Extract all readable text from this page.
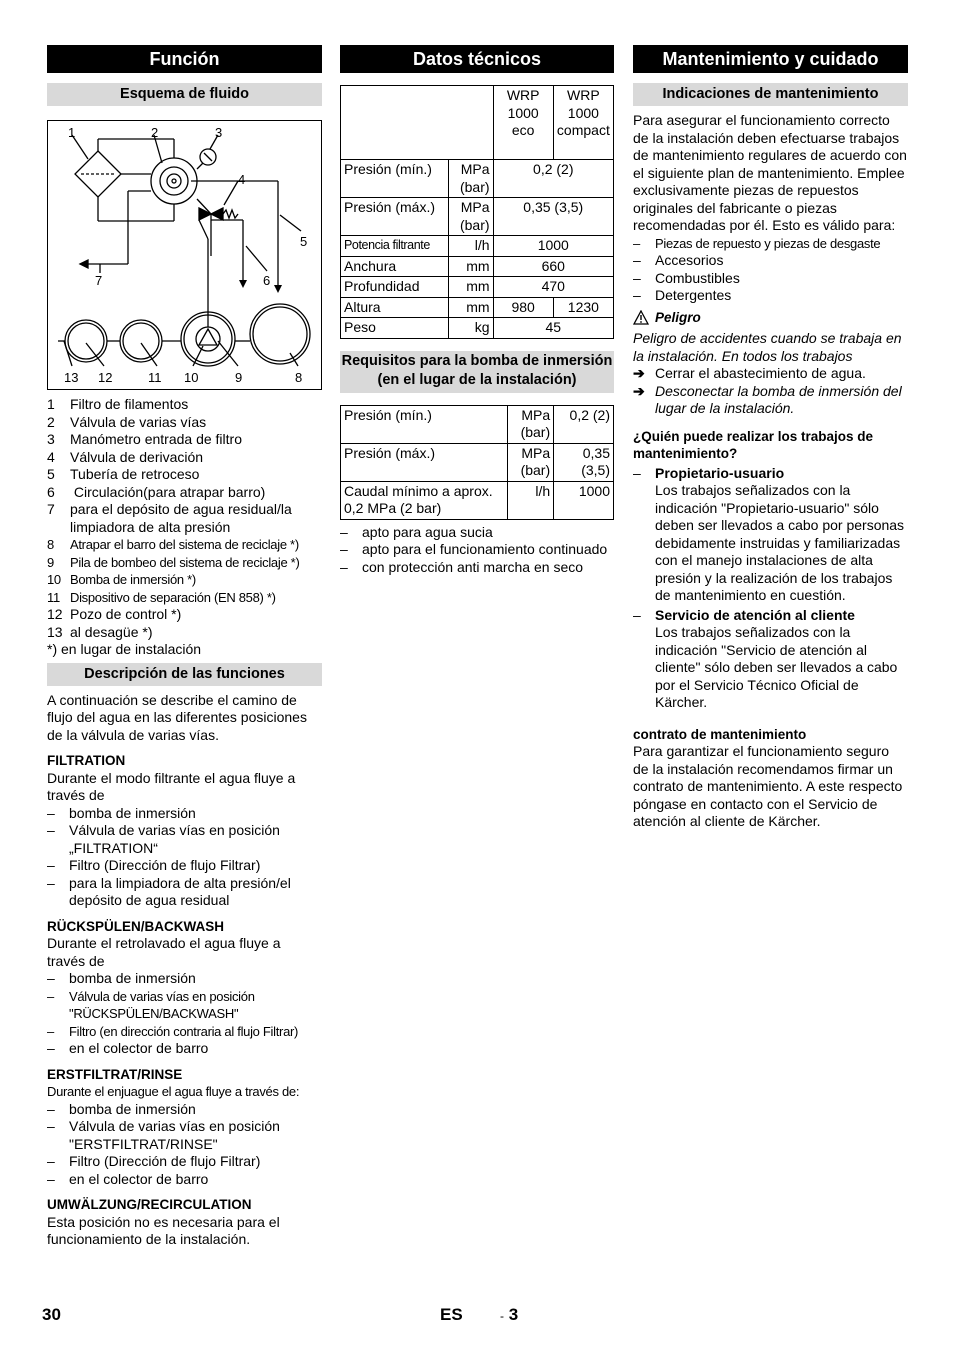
Función
Esquema de fluido
1	2	3
4
5
6
7
8
9
10
11
12
13
1	Filtro de filamentos
2	Válvula de varias vías
3	Manómetro entrada de filtro
4	Válvula de derivación
5	Tubería de retroceso
6	Circulación(para atrapar barro)
7	para el depósito de agua residual/la limpiadora de alta presión
8	Atrapar el barro del sistema de reciclaje *)
9	Pila de bombeo del sistema de reciclaje *)
10 Bomba de inmersión *)
11 Dispositivo de separación (EN 858) *)
12 Pozo de control *)
13 al desagüe *)
*) en lugar de instalación
Descripción de las funciones
A continuación se describe el camino de flujo del agua en las diferentes posiciones de la válvula de varias vías.
FILTRATION
Durante el modo filtrante el agua fluye a través de
–	bomba de inmersión
–	Válvula de varias vías en posición „FILTRATION“
–	Filtro (Dirección de flujo Filtrar)
–	para la limpiadora de alta presión/el depósito de agua residual
RÜCKSPÜLEN/BACKWASH
Durante el retrolavado el agua fluye a través de
–	bomba de inmersión
–	Válvula de varias vías en posición "RÜCKSPÜLEN/BACKWASH"
–	Filtro (en dirección contraria al flujo Filtrar)
–	en el colector de barro
ERSTFILTRAT/RINSE
Durante el enjuague el agua fluye a través de:
–	bomba de inmersión
–	Válvula de varias vías en posición "ERSTFILTRAT/RINSE"
–	Filtro (Dirección de flujo Filtrar)
–	en el colector de barro
UMWÄLZUNG/RECIRCULATION
Esta posición no es necesaria para el funcionamiento de la instalación.
Datos técnicos
		WRP 1000 eco	WRP 1000 compact
Presión (mín.)	MPa (bar)	0,2 (2)	
Presión (máx.)	MPa (bar)	0,35 (3,5)	
Potencia filtrante	l/h	1000	
Anchura	mm	660	
Profundidad	mm	470	
Altura	mm	980	1230
Peso	kg	45	
Requisitos para la bomba de inmersión (en el lugar de la instalación)
Presión (mín.)	MPa (bar)	0,2 (2)
Presión (máx.)	MPa (bar)	0,35 (3,5)
Caudal mínimo a aprox. 0,2 MPa (2 bar)	l/h	1000
–	apto para agua sucia
–	apto para el funcionamiento continuado
–	con protección anti marcha en seco
Mantenimiento y cuidado
Indicaciones de mantenimiento
Para asegurar el funcionamiento correcto de la instalación deben efectuarse trabajos de mantenimiento regulares de acuerdo con el siguiente plan de mantenimiento. Emplee exclusivamente piezas de repuestos originales del fabricante o piezas recomendadas por él. Esto es válido para:
–	Piezas de repuesto y piezas de desgaste
–	Accesorios
–	Combustibles
–	Detergentes
Peligro
Peligro de accidentes cuando se trabaja en la instalación. En todos los trabajos
➔ Cerrar el abastecimiento de agua.
➔ Desconectar la bomba de inmersión del lugar de la instalación.
¿Quién puede realizar los trabajos de mantenimiento?
–	Propietario-usuario
Los trabajos señalizados con la indicación "Propietario-usuario" sólo deben ser llevados a cabo por personas debidamente instruidas y familiarizadas con el manejo instalaciones de alta presión y la realización de los trabajos de mantenimiento en cuestión.
–	Servicio de atención al cliente
Los trabajos señalizados con la indicación "Servicio de atención al cliente" sólo deben ser llevados a cabo por el Servicio Técnico Oficial de Kärcher.
contrato de mantenimiento
Para garantizar el funcionamiento seguro de la instalación recomendamos firmar un contrato de mantenimiento. A este respecto póngase en contacto con el Servicio de atención al cliente de Kärcher.
30	ES	- 3
